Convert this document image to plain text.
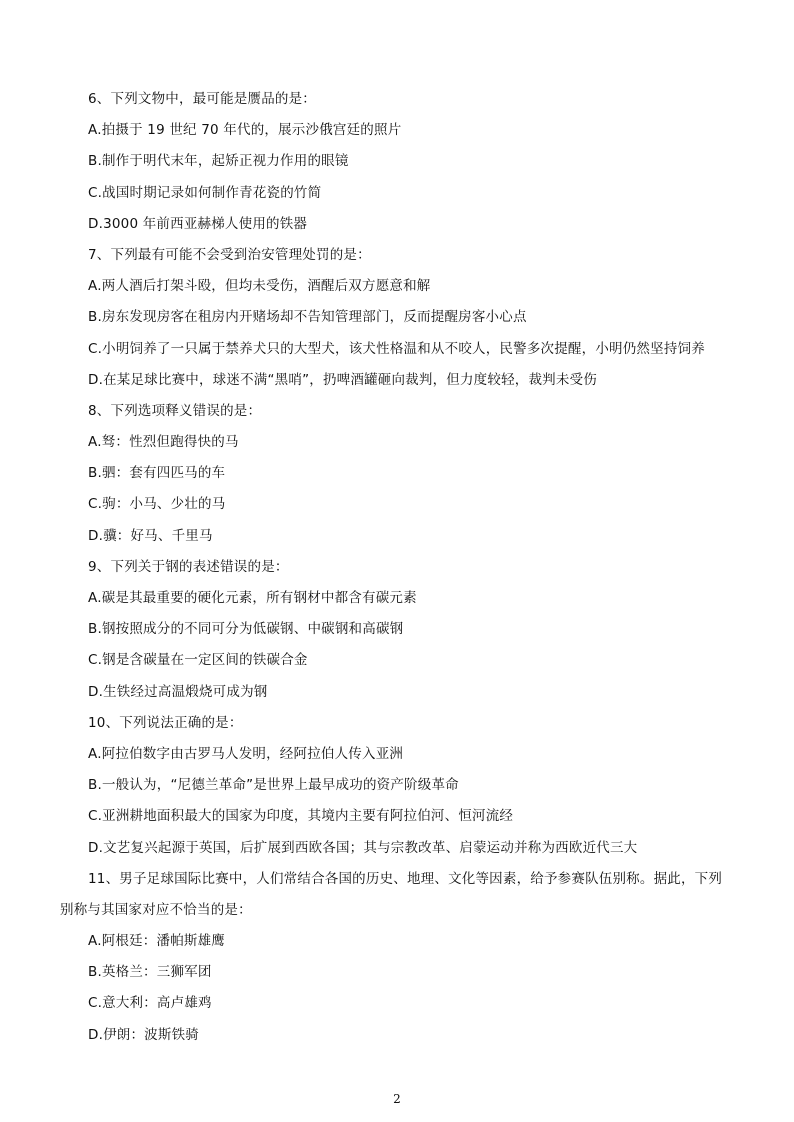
6、下列文物中，最可能是赝品的是：
A.拍摄于 19 世纪 70 年代的，展示沙俄宫廷的照片
B.制作于明代末年，起矫正视力作用的眼镜
C.战国时期记录如何制作青花瓷的竹简
D.3000 年前西亚赫梯人使用的铁器
7、下列最有可能不会受到治安管理处罚的是：
A.两人酒后打架斗殴，但均未受伤，酒醒后双方愿意和解
B.房东发现房客在租房内开赌场却不告知管理部门，反而提醒房客小心点
C.小明饲养了一只属于禁养犬只的大型犬，该犬性格温和从不咬人，民警多次提醒，小明仍然坚持饲养
D.在某足球比赛中，球迷不满“黑哨”，扔啤酒罐砸向裁判，但力度较轻，裁判未受伤
8、下列选项释义错误的是：
A.驽：性烈但跑得快的马
B.驷：套有四匹马的车
C.驹：小马、少壮的马
D.骥：好马、千里马
9、下列关于钢的表述错误的是：
A.碳是其最重要的硬化元素，所有钢材中都含有碳元素
B.钢按照成分的不同可分为低碳钢、中碳钢和高碳钢
C.钢是含碳量在一定区间的铁碳合金
D.生铁经过高温煅烧可成为钢
10、下列说法正确的是：
A.阿拉伯数字由古罗马人发明，经阿拉伯人传入亚洲
B.一般认为，“尼德兰革命”是世界上最早成功的资产阶级革命
C.亚洲耕地面积最大的国家为印度，其境内主要有阿拉伯河、恒河流经
D.文艺复兴起源于英国，后扩展到西欧各国；其与宗教改革、启蒙运动并称为西欧近代三大
11、男子足球国际比赛中，人们常结合各国的历史、地理、文化等因素，给予参赛队伍别称。据此，下列
别称与其国家对应不恰当的是：
A.阿根廷：潘帕斯雄鹰
B.英格兰：三狮军团
C.意大利：高卢雄鸡
D.伊朗：波斯铁骑
2
